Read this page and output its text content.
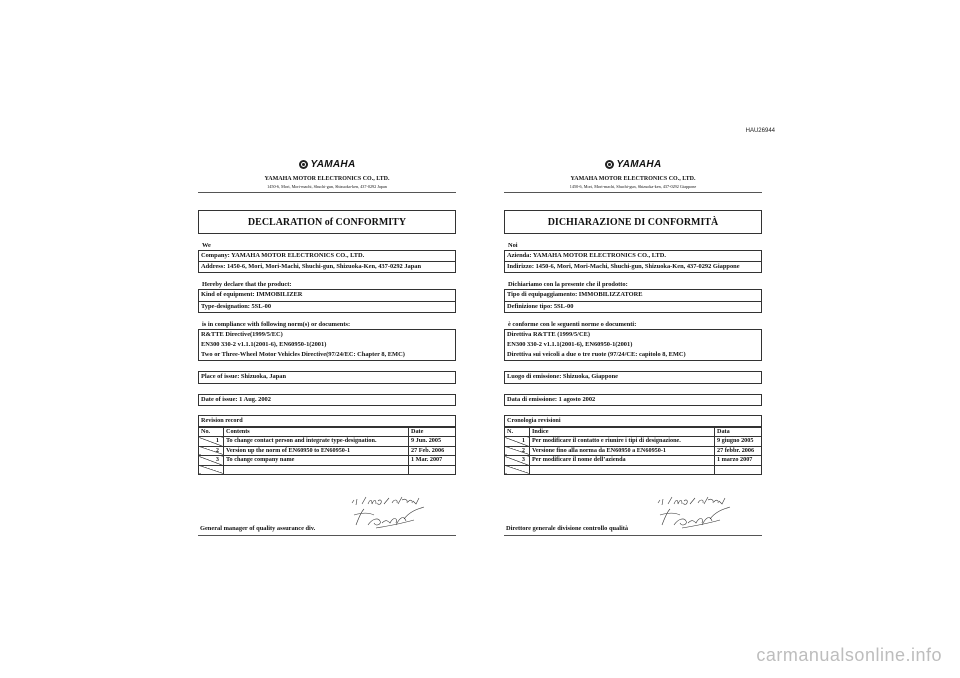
HAU26944
YAMAHA
YAMAHA MOTOR ELECTRONICS CO., LTD.
1450-6, Mori, Mori-machi, Shuchi-gun, Shizuoka-ken, 437-0292 Japan
DECLARATION of CONFORMITY
We
Company: YAMAHA MOTOR ELECTRONICS CO., LTD.
Address: 1450-6, Mori, Mori-Machi, Shuchi-gun, Shizuoka-Ken, 437-0292 Japan
Hereby declare that the product:
Kind of equipment: IMMOBILIZER
Type-designation: 5SL-00
is in compliance with following norm(s) or documents:
R&TTE Directive(1999/5/EC)
EN300 330-2 v1.1.1(2001-6), EN60950-1(2001)
Two or Three-Wheel Motor Vehicles Directive(97/24/EC: Chapter 8, EMC)
Place of issue: Shizuoka, Japan
Date of issue: 1 Aug. 2002
Revision record
No.	Contents	Date
1	To change contact person and integrate type-designation.	9 Jun. 2005
2	Version up the norm of EN60950 to EN60950-1	27 Feb. 2006
3	To change company name	1 Mar. 2007

General manager of quality assurance div.
YAMAHA
YAMAHA MOTOR ELECTRONICS CO., LTD.
1450-6, Mori, Mori-machi, Shuchi-gun, Shizuoka-ken, 437-0292 Giappone
DICHIARAZIONE DI CONFORMITÀ
Noi
Azienda: YAMAHA MOTOR ELECTRONICS CO., LTD.
Indirizzo: 1450-6, Mori, Mori-Machi, Shuchi-gun, Shizuoka-Ken, 437-0292 Giappone
Dichiariamo con la presente che il prodotto:
Tipo di equipaggiamento: IMMOBILIZZATORE
Definizione tipo: 5SL-00
è conforme con le seguenti norme o documenti:
Direttiva R&TTE (1999/5/CE)
EN300 330-2 v1.1.1(2001-6), EN60950-1(2001)
Direttiva sui veicoli a due o tre ruote (97/24/CE: capitolo 8, EMC)
Luogo di emissione: Shizuoka, Giappone
Data di emissione: 1 agosto 2002
Cronologia revisioni
N.	Indice	Data
1	Per modificare il contatto e riunire i tipi di designazione.	9 giugno 2005
2	Versione fino alla norma da EN60950 a EN60950-1	27 febbr. 2006
3	Per modificare il nome dell’azienda	1 marzo 2007

Direttore generale divisione controllo qualità
carmanualsonline.info
